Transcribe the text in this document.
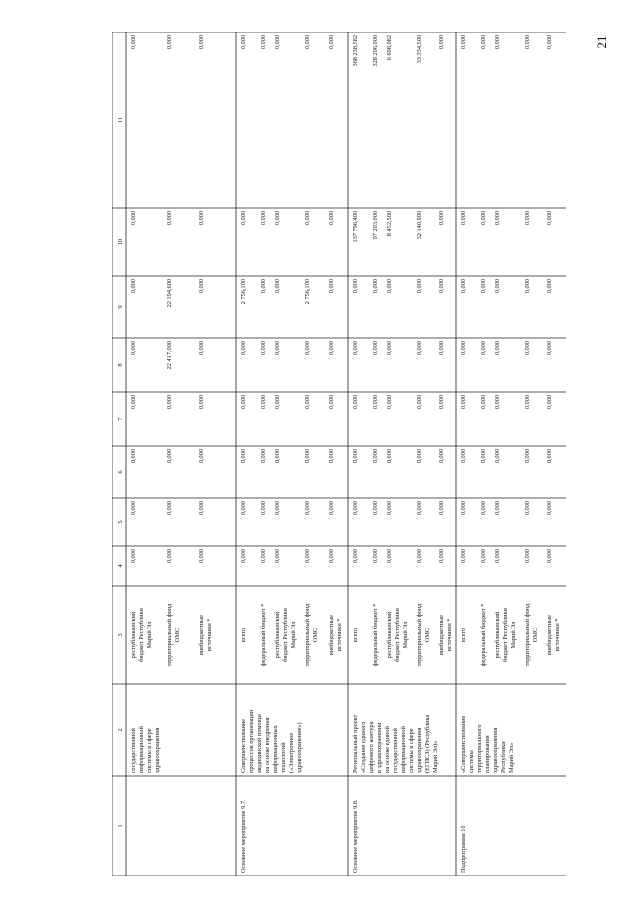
21
1
2
3
4
5
6
7
8
9
10
11
государственной информационной системы в сфере здравоохранения
республиканский бюджет Республики Марий Эл
0,000
0,000
0,000
0,000
0,000
0,000
0,000
0,000
территориальный фонд ОМС
0,000
0,000
0,000
0,000
22 417,000
22 194,600
0,000
0,000
внебюджетные источники *
0,000
0,000
0,000
0,000
0,000
0,000
0,000
0,000
Основное мероприятие 9.7.
Совершенствование процессов организации медицинской помощи на основе внедрения информационных технологий («Электронное здравоохранение»)
всего
0,000
0,000
0,000
0,000
0,000
2 756,100
0,000
0,000
федеральный бюджет *
0,000
0,000
0,000
0,000
0,000
0,000
0,000
0,000
республиканский бюджет Республики Марий Эл
0,000
0,000
0,000
0,000
0,000
0,000
0,000
0,000
территориальный фонд ОМС
0,000
0,000
0,000
0,000
0,000
2 756,100
0,000
0,000
внебюджетные источники *
0,000
0,000
0,000
0,000
0,000
0,000
0,000
0,000
Основное мероприятие 9.8.
Региональный проект «Создание единого цифрового контура в здравоохранении на основе единой государственной информационной системы в сфере здравоохранения (ЕГИСЗ) (Республика Марий Эл)»
всего
0,000
0,000
0,000
0,000
0,000
0,000
137 796,400
368 238,582
федеральный бюджет *
0,000
0,000
0,000
0,000
0,000
0,000
97 203,000
328 206,000
республиканский бюджет Республики Марий Эл
0,000
0,000
0,000
0,000
0,000
0,000
8 452,500
6 698,082
территориальный фонд ОМС
0,000
0,000
0,000
0,000
0,000
0,000
32 140,900
33 334,500
внебюджетные источники *
0,000
0,000
0,000
0,000
0,000
0,000
0,000
0,000
Подпрограмма 10
«Совершенствование системы территориального планирования здравоохранения Республики Марий Эл»
всего
0,000
0,000
0,000
0,000
0,000
0,000
0,000
0,000
федеральный бюджет *
0,000
0,000
0,000
0,000
0,000
0,000
0,000
0,000
республиканский бюджет Республики Марий Эл
0,000
0,000
0,000
0,000
0,000
0,000
0,000
0,000
территориальный фонд ОМС
0,000
0,000
0,000
0,000
0,000
0,000
0,000
0,000
внебюджетные источники *
0,000
0,000
0,000
0,000
0,000
0,000
0,000
0,000
